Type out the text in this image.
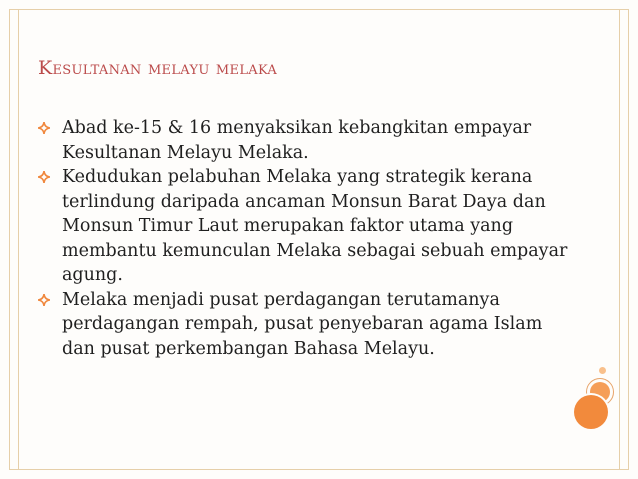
Kesultanan melayu melaka
Abad ke-15 & 16 menyaksikan kebangkitan empayar Kesultanan Melayu Melaka.
Kedudukan pelabuhan Melaka yang strategik kerana terlindung daripada ancaman Monsun Barat Daya dan Monsun Timur Laut merupakan faktor utama yang membantu kemunculan Melaka sebagai sebuah empayar agung.
Melaka menjadi pusat perdagangan terutamanya perdagangan rempah, pusat penyebaran agama Islam dan pusat perkembangan Bahasa Melayu.
